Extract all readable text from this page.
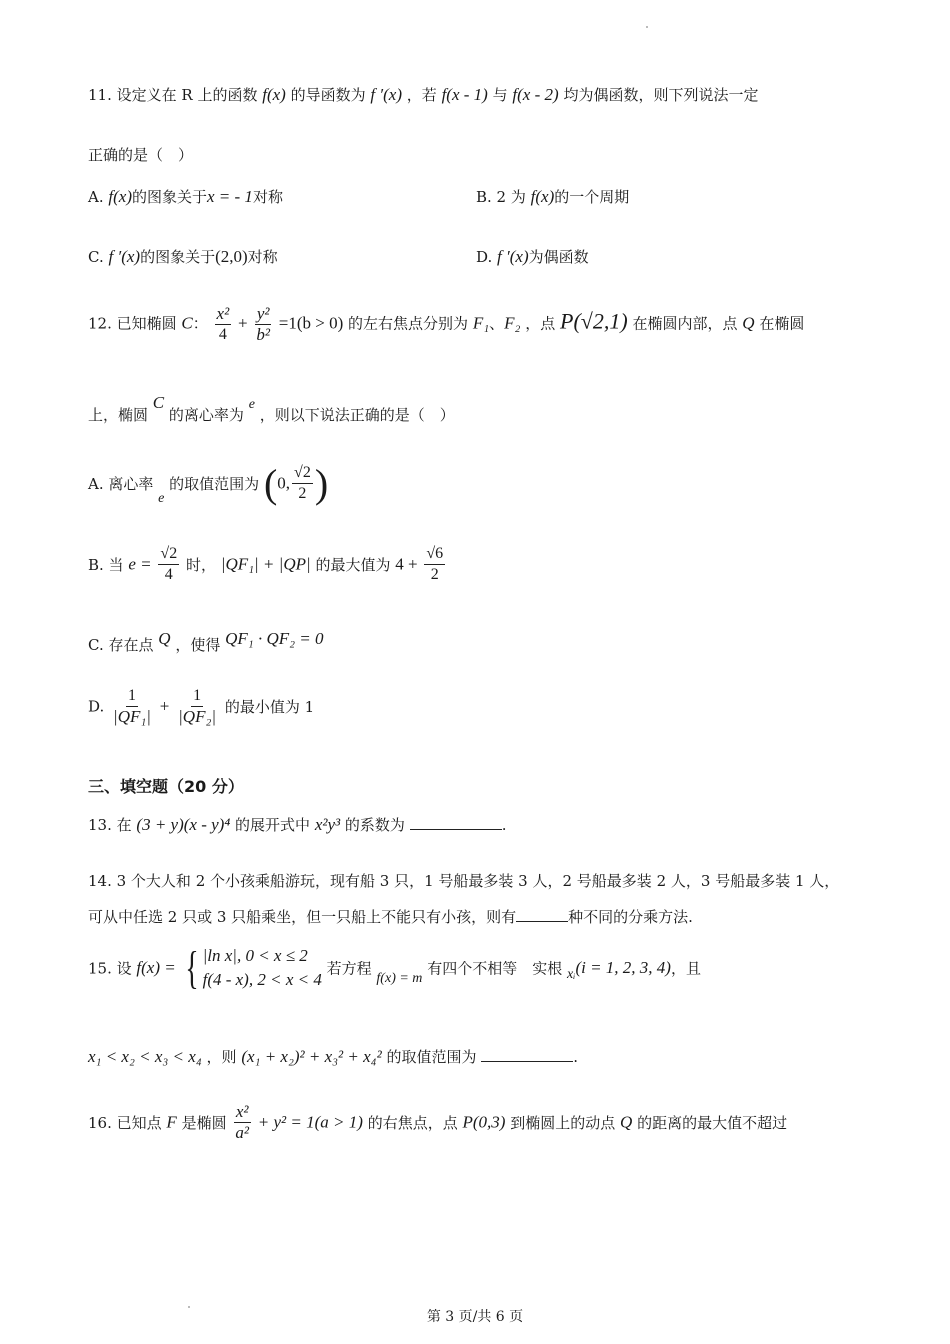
11. 设定义在 R 上的函数 f(x) 的导函数为 f ′(x) ，若 f(x - 1) 与 f(x - 2) 均为偶函数，则下列说法一定
正确的是（　）
A. f(x)的图象关于x = - 1对称	B. 2 为 f(x)的一个周期
C. f ′(x)的图象关于(2,0)对称	D. f ′(x)为偶函数
12. 已知椭圆 C： $\frac{\text{x²}}{4} + \frac{\text{y²}}{\text{b²}} =1(b > 0)$ 的左右焦点分别为 F₁、F₂ ，点 P(√2,1) 在椭圆内部，点 Q 在椭圆
上，椭圆 C 的离心率为 e ，则以下说法正确的是（　）
A. 离心率 e 的取值范围为 (0, $\frac{√2}{2}$ )
B. 当 $e = \frac{√2}{4}$ 时， |QF₁| + |QP| 的最大值为 $4 + \frac{√6}{2}$
C. 存在点 Q ，使得 QF₁ · QF₂ = 0
D. $\frac{1}{\text{|QF₁|}} + \frac{1}{\text{|QF₂|}}$ 的最小值为 1
三、填空题（20 分）
13. 在 (3 + y)(x - y)⁴ 的展开式中 x²y³ 的系数为	.
14. 3 个大人和 2 个小孩乘船游玩，现有船 3 只，1 号船最多装 3 人，2 号船最多装 2 人，3 号船最多装 1 人，
可从中任选 2 只或 3 只船乘坐，但一只船上不能只有小孩，则有	种不同的分乘方法.
15. 设 f(x) = { |ln x|, 0 < x ≤ 2
f(4 - x), 2 < x < 4
若方程 f(x) = m 有四个不相等　实根 xᵢ(i = 1, 2, 3, 4)，且
x₁ < x₂ < x₃ < x₄ ，则 (x₁ + x₂)² + x₃² + x₄² 的取值范围为	.
16. 已知点 F 是椭圆 $\frac{\text{x²}}{\text{a²}} + y^2 = 1(a > 1)$ 的右焦点，点 P(0,3) 到椭圆上的动点 Q 的距离的最大值不超过
第 3 页/共 6 页
